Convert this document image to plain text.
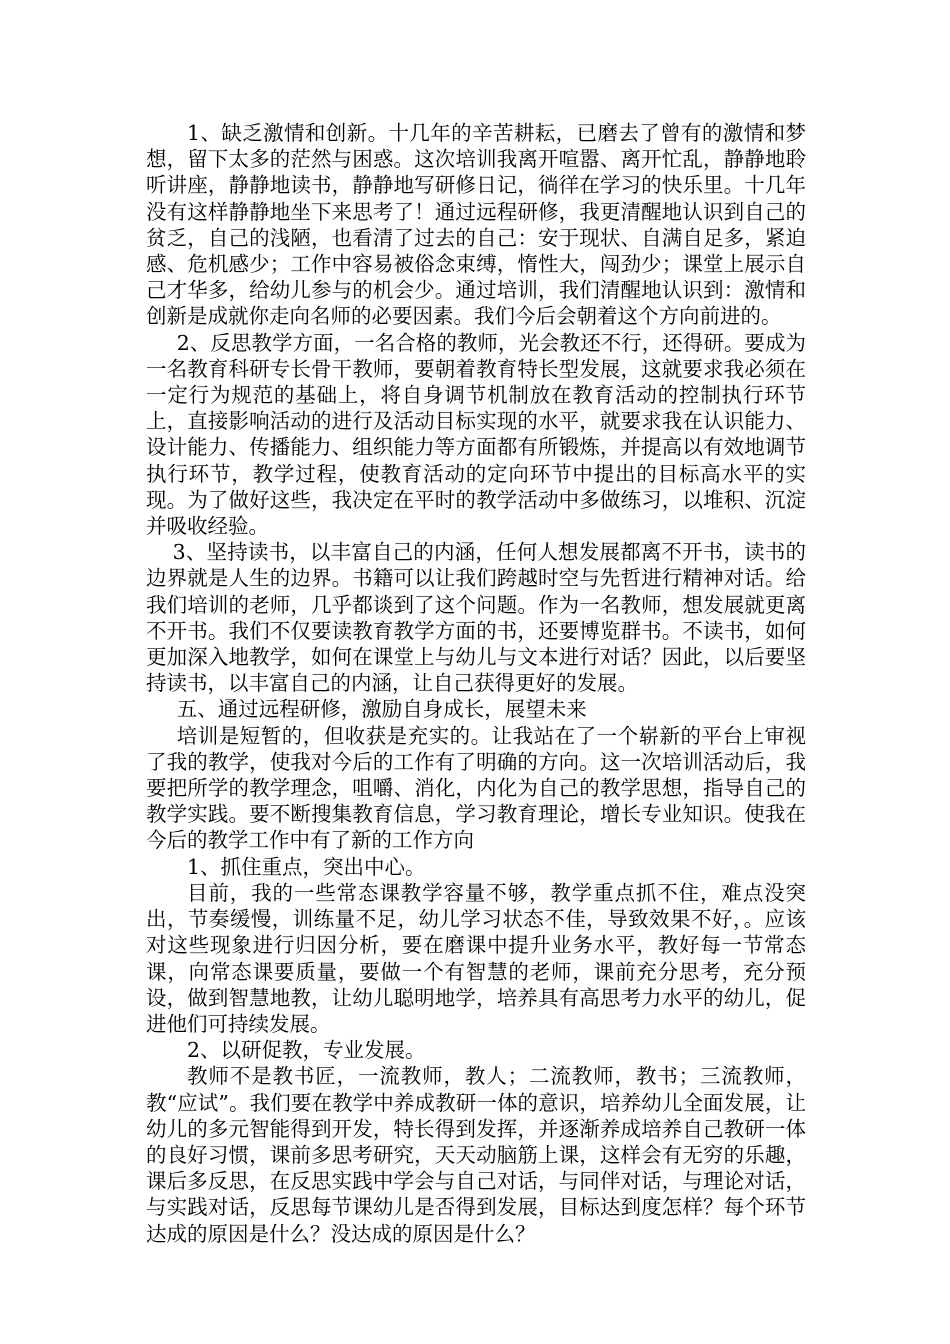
1、缺乏激情和创新。十几年的辛苦耕耘，已磨去了曾有的激情和梦想，留下太多的茫然与困惑。这次培训我离开喧嚣、离开忙乱，静静地聆听讲座，静静地读书，静静地写研修日记，徜徉在学习的快乐里。十几年没有这样静静地坐下来思考了！通过远程研修，我更清醒地认识到自己的贫乏，自己的浅陋，也看清了过去的自己：安于现状、自满自足多，紧迫感、危机感少；工作中容易被俗念束缚，惰性大，闯劲少；课堂上展示自己才华多，给幼儿参与的机会少。通过培训，我们清醒地认识到：激情和创新是成就你走向名师的必要因素。我们今后会朝着这个方向前进的。

2、反思教学方面，一名合格的教师，光会教还不行，还得研。要成为一名教育科研专长骨干教师，要朝着教育特长型发展，这就要求我必须在一定行为规范的基础上，将自身调节机制放在教育活动的控制执行环节上，直接影响活动的进行及活动目标实现的水平，就要求我在认识能力、设计能力、传播能力、组织能力等方面都有所锻炼，并提高以有效地调节执行环节，教学过程，使教育活动的定向环节中提出的目标高水平的实现。为了做好这些，我决定在平时的教学活动中多做练习，以堆积、沉淀并吸收经验。

3、坚持读书，以丰富自己的内涵，任何人想发展都离不开书，读书的边界就是人生的边界。书籍可以让我们跨越时空与先哲进行精神对话。给我们培训的老师，几乎都谈到了这个问题。作为一名教师，想发展就更离不开书。我们不仅要读教育教学方面的书，还要博览群书。不读书，如何更加深入地教学，如何在课堂上与幼儿与文本进行对话？因此，以后要坚持读书，以丰富自己的内涵，让自己获得更好的发展。

五、通过远程研修，激励自身成长，展望未来

培训是短暂的，但收获是充实的。让我站在了一个崭新的平台上审视了我的教学，使我对今后的工作有了明确的方向。这一次培训活动后，我要把所学的教学理念，咀嚼、消化，内化为自己的教学思想，指导自己的教学实践。要不断搜集教育信息，学习教育理论，增长专业知识。使我在今后的教学工作中有了新的工作方向

1、抓住重点，突出中心。

目前，我的一些常态课教学容量不够，教学重点抓不住，难点没突出，节奏缓慢，训练量不足，幼儿学习状态不佳，导致效果不好，。应该对这些现象进行归因分析，要在磨课中提升业务水平，教好每一节常态课，向常态课要质量，要做一个有智慧的老师，课前充分思考，充分预设，做到智慧地教，让幼儿聪明地学，培养具有高思考力水平的幼儿，促进他们可持续发展。

2、以研促教，专业发展。

教师不是教书匠，一流教师，教人；二流教师，教书；三流教师，教“应试”。我们要在教学中养成教研一体的意识，培养幼儿全面发展，让幼儿的多元智能得到开发，特长得到发挥，并逐渐养成培养自己教研一体的良好习惯，课前多思考研究，天天动脑筋上课，这样会有无穷的乐趣，课后多反思，在反思实践中学会与自己对话，与同伴对话，与理论对话，与实践对话，反思每节课幼儿是否得到发展，目标达到度怎样？每个环节达成的原因是什么？没达成的原因是什么？
